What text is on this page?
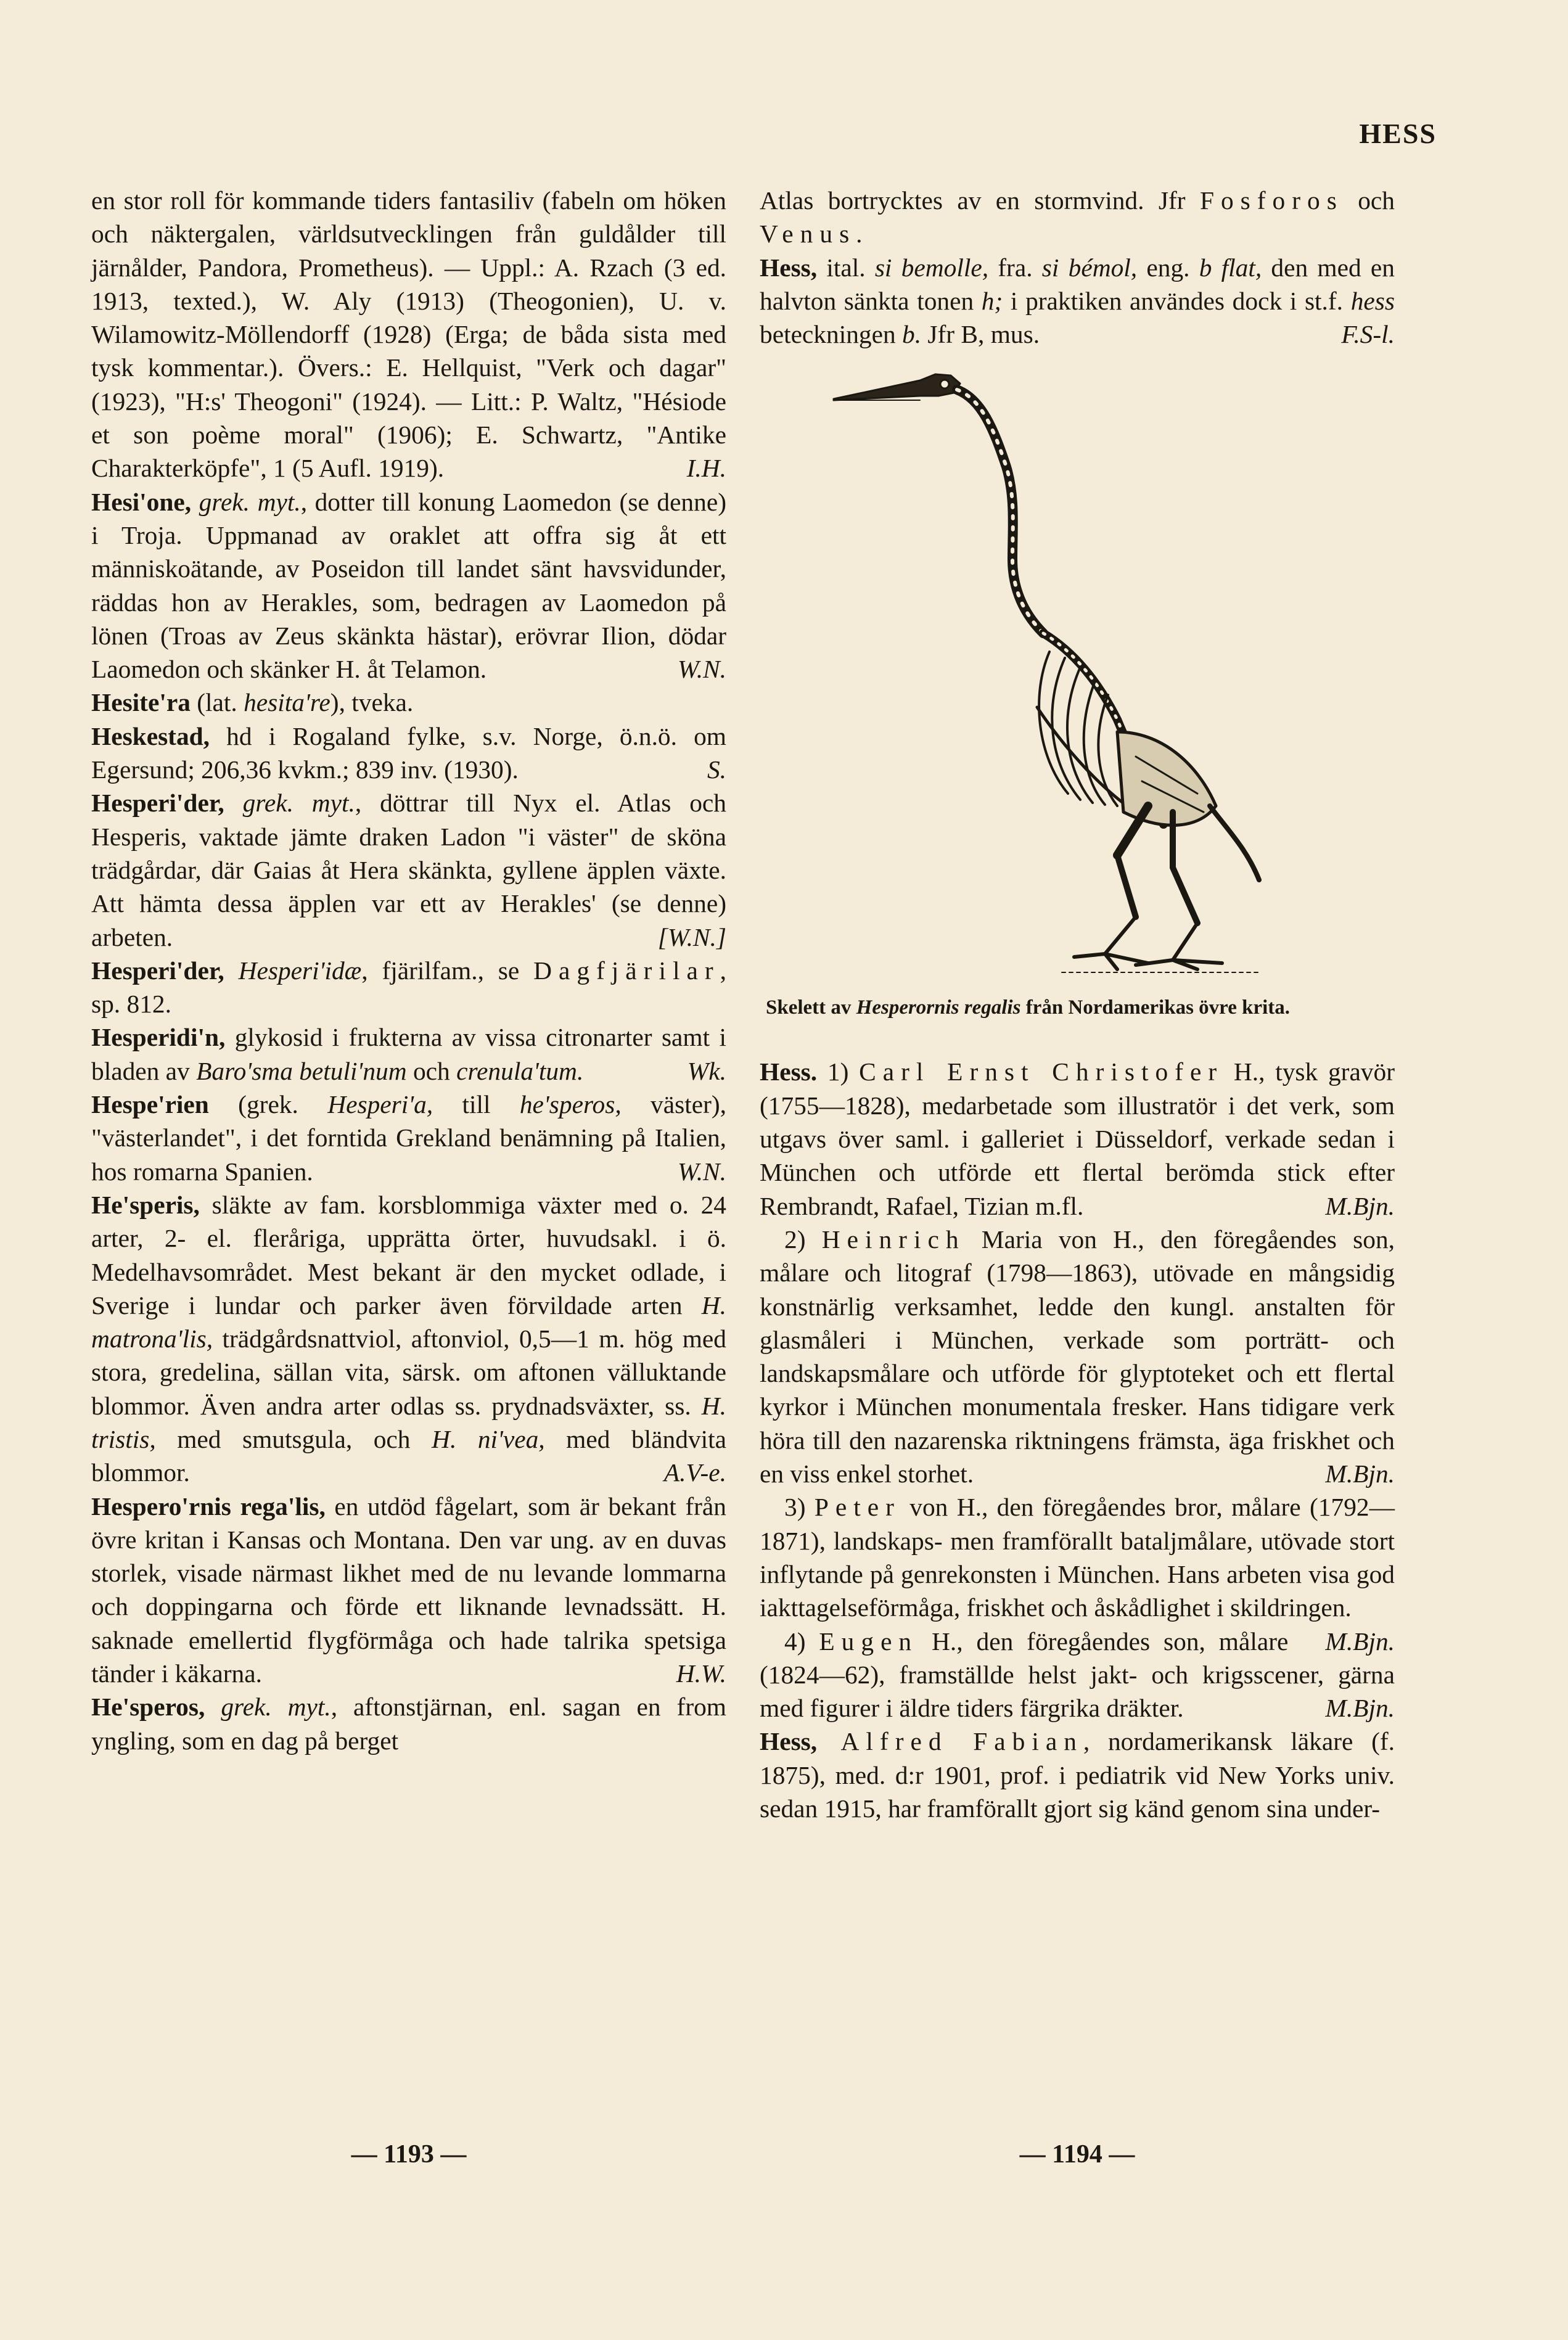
HESS

en stor roll för kommande tiders fantasiliv (fabeln om höken och näktergalen, världsutvecklingen från guldålder till järnålder, Pandora, Prometheus). — Uppl.: A. Rzach (3 ed. 1913, texted.), W. Aly (1913) (Theogonien), U. v. Wilamowitz-Möllendorff (1928) (Erga; de båda sista med tysk kommentar.). Övers.: E. Hellquist, "Verk och dagar" (1923), "H:s' Theogoni" (1924). — Litt.: P. Waltz, "Hésiode et son poème moral" (1906); E. Schwartz, "Antike Charakterköpfe", 1 (5 Aufl. 1919).	I.H.

Hesi'one, grek. myt., dotter till konung Laomedon (se denne) i Troja. Uppmanad av oraklet att offra sig åt ett människoätande, av Poseidon till landet sänt havsvidunder, räddas hon av Herakles, som, bedragen av Laomedon på lönen (Troas av Zeus skänkta hästar), erövrar Ilion, dödar Laomedon och skänker H. åt Telamon.	W.N.

Hesite'ra (lat. hesita're), tveka.

Heskestad, hd i Rogaland fylke, s.v. Norge, ö.n.ö. om Egersund; 206,36 kvkm.; 839 inv. (1930).	S.

Hesperi'der, grek. myt., döttrar till Nyx el. Atlas och Hesperis, vaktade jämte draken Ladon "i väster" de sköna trädgårdar, där Gaias åt Hera skänkta, gyllene äpplen växte. Att hämta dessa äpplen var ett av Herakles' (se denne) arbeten.	[W.N.]

Hesperi'der, Hesperi'idæ, fjärilfam., se Dagfjärilar, sp. 812.

Hesperidi'n, glykosid i frukterna av vissa citronarter samt i bladen av Baro'sma betuli'num och crenula'tum.	Wk.

Hespe'rien (grek. Hesperi'a, till he'speros, väster), "västerlandet", i det forntida Grekland benämning på Italien, hos romarna Spanien.	W.N.

He'speris, släkte av fam. korsblommiga växter med o. 24 arter, 2- el. fleråriga, upprätta örter, huvudsakl. i ö. Medelhavsområdet. Mest bekant är den mycket odlade, i Sverige i lundar och parker även förvildade arten H. matrona'lis, trädgårdsnattviol, aftonviol, 0,5—1 m. hög med stora, gredelina, sällan vita, särsk. om aftonen välluktande blommor. Även andra arter odlas ss. prydnadsväxter, ss. H. tristis, med smutsgula, och H. ni'vea, med bländvita blommor.	A.V-e.

Hespero'rnis rega'lis, en utdöd fågelart, som är bekant från övre kritan i Kansas och Montana. Den var ung. av en duvas storlek, visade närmast likhet med de nu levande lommarna och doppingarna och förde ett liknande levnadssätt. H. saknade emellertid flygförmåga och hade talrika spetsiga tänder i käkarna.	H.W.

He'speros, grek. myt., aftonstjärnan, enl. sagan en from yngling, som en dag på berget

Atlas bortrycktes av en stormvind. Jfr Fosforos och Venus.

Hess, ital. si bemolle, fra. si bémol, eng. b flat, den med en halvton sänkta tonen h; i praktiken användes dock i st.f. hess beteckningen b. Jfr B, mus.	F.S-l.

Skelett av Hesperornis regalis från Nordamerikas övre krita.

Hess. 1) Carl Ernst Christofer H., tysk gravör (1755—1828), medarbetade som illustratör i det verk, som utgavs över saml. i galleriet i Düsseldorf, verkade sedan i München och utförde ett flertal berömda stick efter Rembrandt, Rafael, Tizian m.fl.	M.Bjn.

2) Heinrich Maria von H., den föregåendes son, målare och litograf (1798—1863), utövade en mångsidig konstnärlig verksamhet, ledde den kungl. anstalten för glasmåleri i München, verkade som porträtt- och landskapsmålare och utförde för glyptoteket och ett flertal kyrkor i München monumentala fresker. Hans tidigare verk höra till den nazarenska riktningens främsta, äga friskhet och en viss enkel storhet.	M.Bjn.

3) Peter von H., den föregåendes bror, målare (1792—1871), landskaps- men framförallt bataljmålare, utövade stort inflytande på genrekonsten i München. Hans arbeten visa god iakttagelseförmåga, friskhet och åskådlighet i skildringen.
M.Bjn.

4) Eugen H., den föregåendes son, målare (1824—62), framställde helst jakt- och krigsscener, gärna med figurer i äldre tiders färgrika dräkter.	M.Bjn.

Hess, Alfred Fabian, nordamerikansk läkare (f. 1875), med. d:r 1901, prof. i pediatrik vid New Yorks univ. sedan 1915, har framförallt gjort sig känd genom sina under-

— 1193 —	— 1194 —
